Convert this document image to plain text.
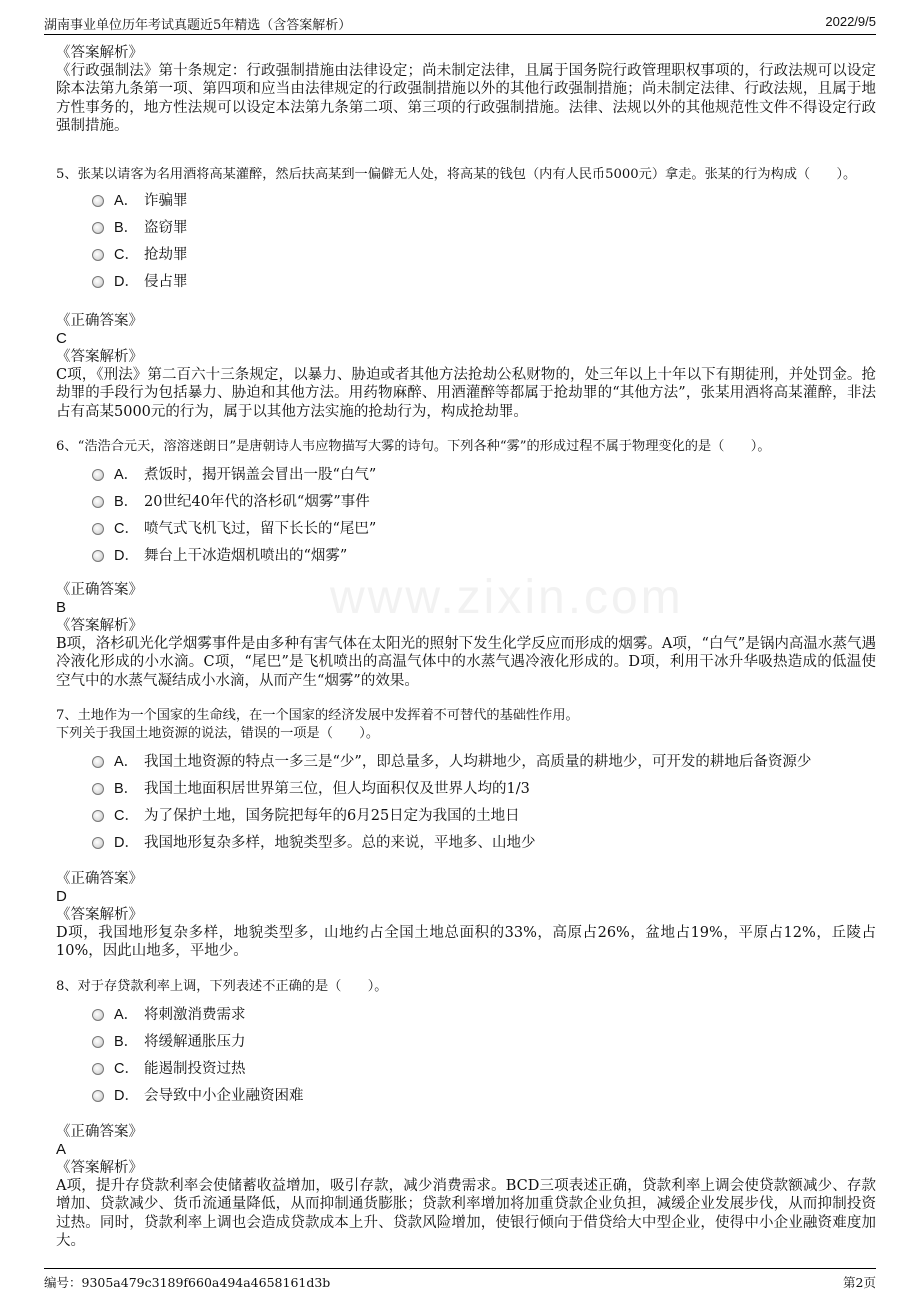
湖南事业单位历年考试真题近5年精选（含答案解析）	2022/9/5
www.zixin.com
《答案解析》

《行政强制法》第十条规定：行政强制措施由法律设定；尚未制定法律，且属于国务院行政管理职权事项的，行政法规可以设定除本法第九条第一项、第四项和应当由法律规定的行政强制措施以外的其他行政强制措施；尚未制定法律、行政法规，且属于地方性事务的，地方性法规可以设定本法第九条第二项、第三项的行政强制措施。法律、法规以外的其他规范性文件不得设定行政强制措施。

5、张某以请客为名用酒将高某灌醉，然后扶高某到一偏僻无人处，将高某的钱包（内有人民币5000元）拿走。张某的行为构成（　　）。

A． 诈骗罪
B． 盗窃罪
C． 抢劫罪
D． 侵占罪
《正确答案》
C
《答案解析》

C项，《刑法》第二百六十三条规定，以暴力、胁迫或者其他方法抢劫公私财物的，处三年以上十年以下有期徒刑，并处罚金。抢劫罪的手段行为包括暴力、胁迫和其他方法。用药物麻醉、用酒灌醉等都属于抢劫罪的“其他方法”，张某用酒将高某灌醉，非法占有高某5000元的行为，属于以其他方法实施的抢劫行为，构成抢劫罪。

6、“浩浩合元天，溶溶迷朗日”是唐朝诗人韦应物描写大雾的诗句。下列各种“雾”的形成过程不属于物理变化的是（　　）。

A． 煮饭时，揭开锅盖会冒出一股“白气”
B． 20世纪40年代的洛杉矶“烟雾”事件
C． 喷气式飞机飞过，留下长长的“尾巴”
D． 舞台上干冰造烟机喷出的“烟雾”
《正确答案》
B
《答案解析》

B项，洛杉矶光化学烟雾事件是由多种有害气体在太阳光的照射下发生化学反应而形成的烟雾。A项，“白气”是锅内高温水蒸气遇冷液化形成的小水滴。C项，“尾巴”是飞机喷出的高温气体中的水蒸气遇冷液化形成的。D项，利用干冰升华吸热造成的低温使空气中的水蒸气凝结成小水滴，从而产生“烟雾”的效果。

7、土地作为一个国家的生命线，在一个国家的经济发展中发挥着不可替代的基础性作用。

下列关于我国土地资源的说法，错误的一项是（　　）。

A． 我国土地资源的特点一多三是“少”，即总量多，人均耕地少，高质量的耕地少，可开发的耕地后备资源少
B． 我国土地面积居世界第三位，但人均面积仅及世界人均的1/3
C． 为了保护土地，国务院把每年的6月25日定为我国的土地日
D． 我国地形复杂多样，地貌类型多。总的来说，平地多、山地少
《正确答案》
D
《答案解析》

D项，我国地形复杂多样，地貌类型多，山地约占全国土地总面积的33%，高原占26%，盆地占19%，平原占12%，丘陵占10%，因此山地多，平地少。

8、对于存贷款利率上调，下列表述不正确的是（　　）。

A． 将刺激消费需求
B． 将缓解通胀压力
C． 能遏制投资过热
D． 会导致中小企业融资困难
《正确答案》
A
《答案解析》

A项，提升存贷款利率会使储蓄收益增加，吸引存款，减少消费需求。BCD三项表述正确，贷款利率上调会使贷款额减少、存款增加、贷款减少、货币流通量降低，从而抑制通货膨胀；贷款利率增加将加重贷款企业负担，减缓企业发展步伐，从而抑制投资过热。同时，贷款利率上调也会造成贷款成本上升、贷款风险增加，使银行倾向于借贷给大中型企业，使得中小企业融资难度加大。

编号：9305a479c3189f660a494a4658161d3b	第2页
